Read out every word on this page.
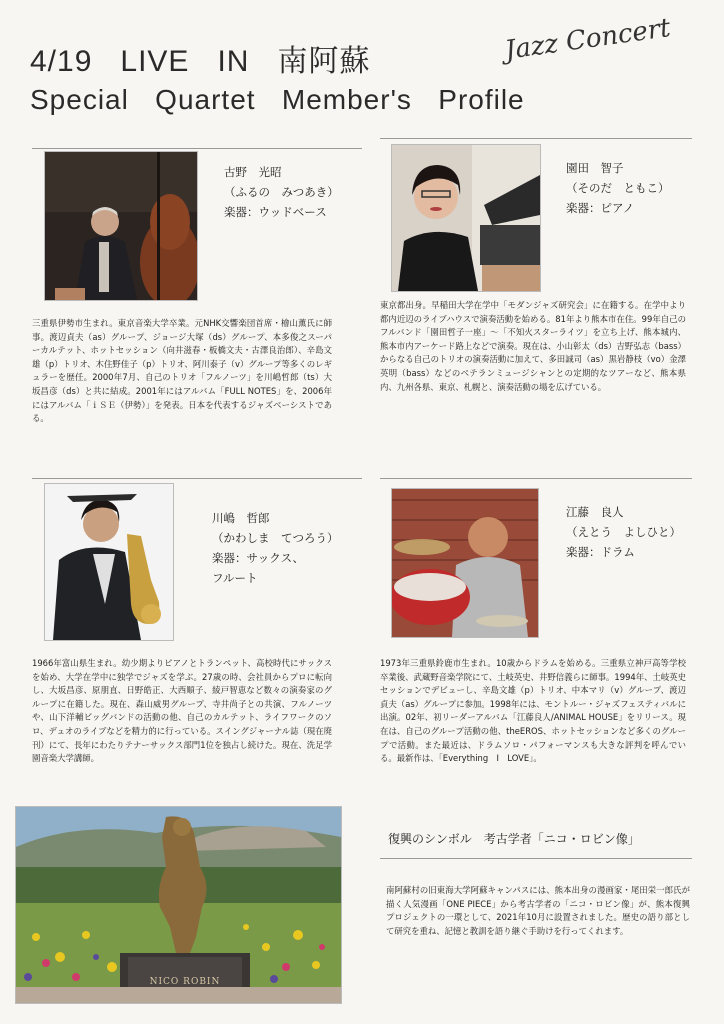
4/19   LIVE   IN   南阿蘇
Special   Quartet   Member's   Profile
Jazz Concert
古野　光昭
（ふるの　みつあき）
楽器：ウッドベース
三重県伊勢市生まれ。東京音楽大学卒業。元NHK交響楽団首席・檜山薫氏に師事。渡辺貞夫（as）グループ、ジョージ大塚（ds）グループ、本多俊之スーパーカルテット、ホットセッション（向井滋春・板橋文夫・古澤良治郎）、辛島文雄（p）トリオ、木住野佳子（p）トリオ、阿川泰子（v）グループ等多くのレギュラーを歴任。2000年7月、自己のトリオ「フルノーツ」を川嶋哲郎（ts）大坂昌彦（ds）と共に結成。2001年にはアルバム「FULL NOTES」を、2006年にはアルバム「ｉＳＥ（伊勢）」を発表。日本を代表するジャズベーシストである。
園田　智子
（そのだ　ともこ）
楽器：ピアノ
東京都出身。早稲田大学在学中「モダンジャズ研究会」に在籍する。在学中より都内近辺のライブハウスで演奏活動を始める。81年より熊本市在住。99年自己のフルバンド「園田哲子一座」〜「不知火スターライツ」を立ち上げ、熊本城内、熊本市内アーケード路上などで演奏。現在は、小山彰太（ds）吉野弘志（bass）からなる自己のトリオの演奏活動に加えて、多田誠司（as）黒岩静枝（vo）金澤英明（bass）などのベテランミュージシャンとの定期的なツアーなど、熊本県内、九州各県、東京、札幌と、演奏活動の場を広げている。
川嶋　哲郎
（かわしま　てつろう）
楽器：サックス、
フルート
1966年富山県生まれ。幼少期よりピアノとトランペット、高校時代にサックスを始め、大学在学中に独学でジャズを学ぶ。27歳の時、会社員からプロに転向し、大坂昌彦、原朋直、日野皓正、大西順子、綾戸智恵など数々の演奏家のグループに在籍した。現在、森山威男グループ、寺井尚子との共演、フルノーツや、山下洋輔ビッグバンドの活動の他、自己のカルテット、ライフワークのソロ、デュオのライブなどを精力的に行っている。スイングジャーナル誌（現在廃刊）にて、長年にわたりテナーサックス部門1位を独占し続けた。現在、洗足学園音楽大学講師。
江藤　良人
（えとう　よしひと）
楽器：ドラム
1973年三重県鈴鹿市生まれ。10歳からドラムを始める。三重県立神戸高等学校卒業後、武蔵野音楽学院にて、土岐英史、井野信義らに師事。1994年、土岐英史セッションでデビューし、辛島文雄（p）トリオ、中本マリ（v）グループ、渡辺貞夫（as）グループに参加。1998年には、モントルー・ジャズフェスティバルに出演。02年、初リーダーアルバム「江藤良人/ANIMAL HOUSE」をリリース。現在は、自己のグループ活動の他、theEROS、ホットセッションなど多くのグループで活動。また最近は、ドラムソロ・パフォーマンスも大きな評判を呼んでいる。最新作は、「Everything　I　LOVE」。
NICO ROBIN
復興のシンボル　考古学者「ニコ・ロビン像」
南阿蘇村の旧東海大学阿蘇キャンパスには、熊本出身の漫画家・尾田栄一郎氏が描く人気漫画「ONE PIECE」から考古学者の「ニコ・ロビン像」が、熊本復興プロジェクトの一環として、2021年10月に設置されました。歴史の語り部として研究を重ね、記憶と教訓を語り継ぐ手助けを行ってくれます。
